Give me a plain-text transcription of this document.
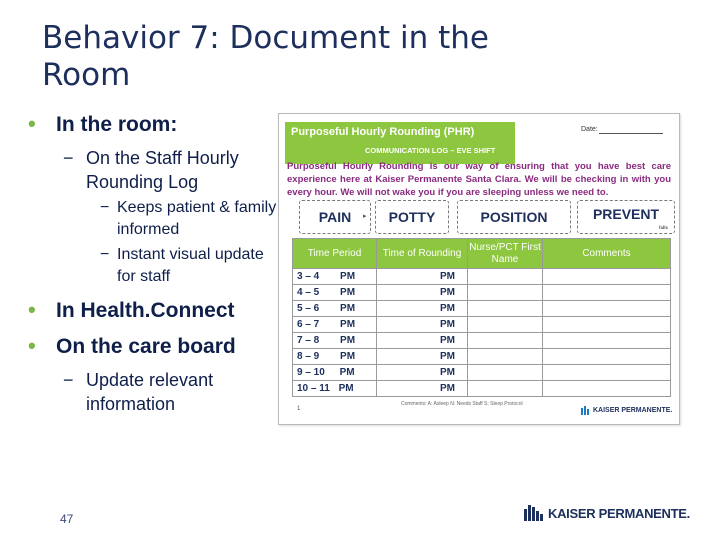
Behavior 7: Document in the
Room
• In the room:
− On the Staff Hourly Rounding Log
− Keeps patient & family informed
− Instant visual update for staff
• In Health.Connect
• On the care board
− Update relevant information
Purposeful Hourly Rounding (PHR)
COMMUNICATION LOG – EVE SHIFT
Date:
Purposeful Hourly Rounding is our way of ensuring that you have best care experience here at Kaiser Permanente Santa Clara. We will be checking in with you every hour. We will not wake you if you are sleeping unless we need to.
PAIN ▸ POTTY	POSITION	PREVENT
falls
Time Period	Time of Rounding	Nurse/PCT First Name	Comments
3 – 4 PM	PM		
4 – 5 PM	PM		
5 – 6 PM	PM		
6 – 7 PM	PM		
7 – 8 PM	PM		
8 – 9 PM	PM		
9 – 10 PM	PM		
10 – 11 PM	PM		
1
Comments: A: Asleep N: Needs Staff S: Sleep Protocol
KAISER PERMANENTE.
47	KAISER PERMANENTE.
